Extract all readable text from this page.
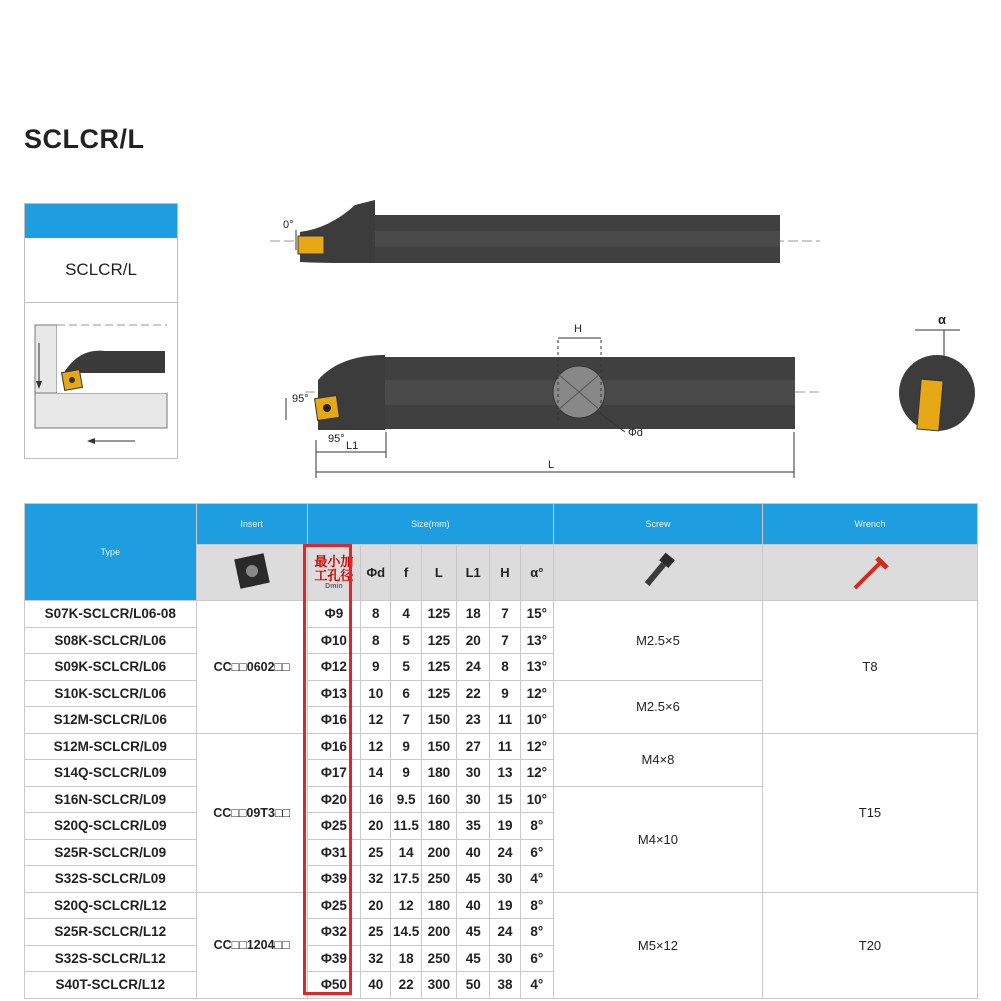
SCLCR/L
SCLCR/L
0°
H
Φd
95°
95°
L1
L
α
Type	Insert	Size(mm)							Screw	Wrench

最小加工孔径
Dmin	Φd	f	L	L1	H	α°		
S07K-SCLCR/L06-08	CC□□0602□□	Φ9	8	4	125	18	7	15°	M2.5×5	T8
S08K-SCLCR/L06		Φ10	8	5	125	20	7	13°		
S09K-SCLCR/L06		Φ12	9	5	125	24	8	13°		
S10K-SCLCR/L06		Φ13	10	6	125	22	9	12°	M2.5×6	
S12M-SCLCR/L06		Φ16	12	7	150	23	11	10°		
S12M-SCLCR/L09	CC□□09T3□□	Φ16	12	9	150	27	11	12°	M4×8	T15
S14Q-SCLCR/L09		Φ17	14	9	180	30	13	12°		
S16N-SCLCR/L09		Φ20	16	9.5	160	30	15	10°	M4×10	
S20Q-SCLCR/L09		Φ25	20	11.5	180	35	19	8°		
S25R-SCLCR/L09		Φ31	25	14	200	40	24	6°		
S32S-SCLCR/L09		Φ39	32	17.5	250	45	30	4°		
S20Q-SCLCR/L12	CC□□1204□□	Φ25	20	12	180	40	19	8°	M5×12	T20
S25R-SCLCR/L12		Φ32	25	14.5	200	45	24	8°		
S32S-SCLCR/L12		Φ39	32	18	250	45	30	6°		
S40T-SCLCR/L12		Φ50	40	22	300	50	38	4°		
